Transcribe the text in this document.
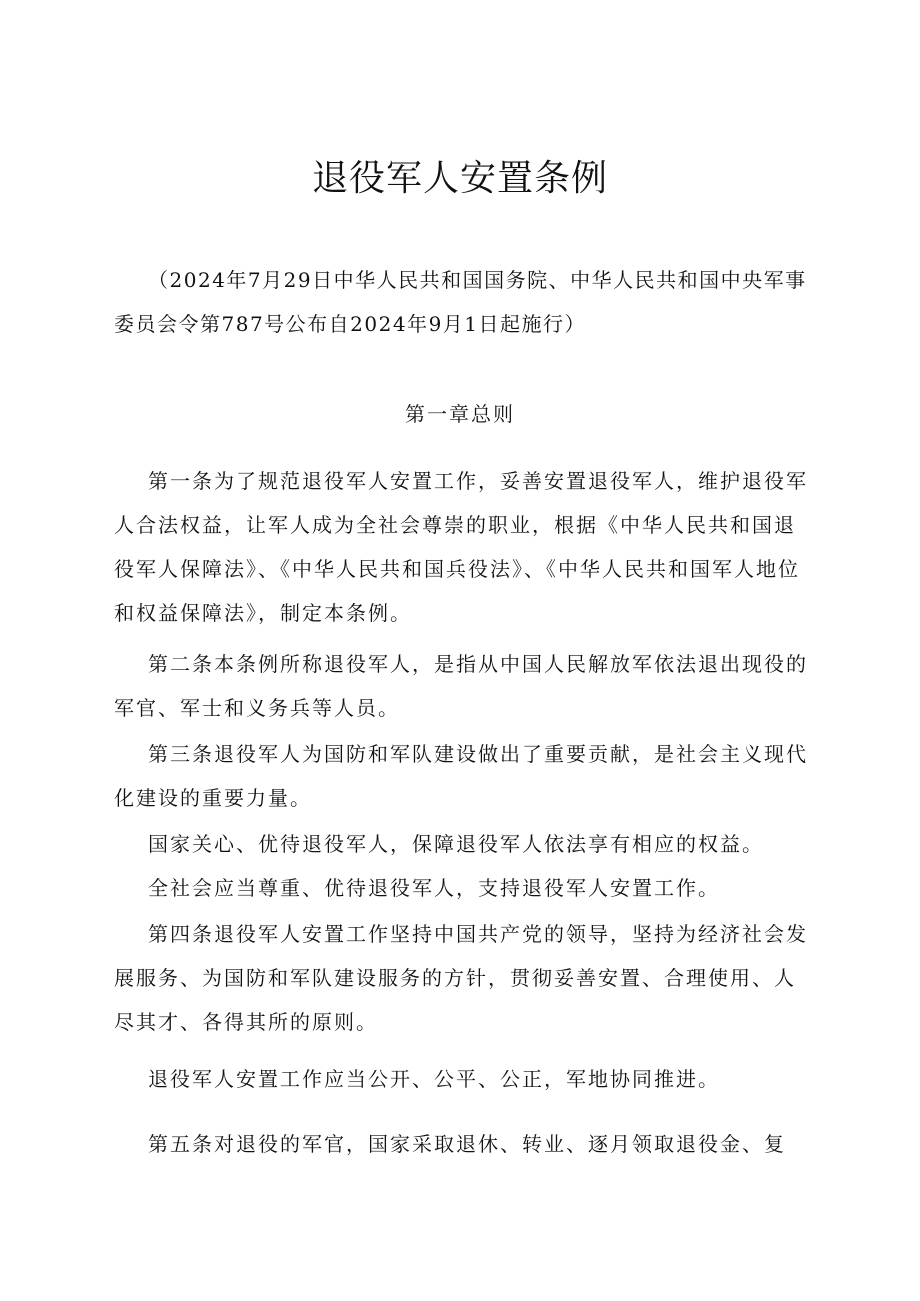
退役军人安置条例
（2024年7月29日中华人民共和国国务院、中华人民共和国中央军事委员会令第787号公布自2024年9月1日起施行）
第一章总则

第一条为了规范退役军人安置工作，妥善安置退役军人，维护退役军人合法权益，让军人成为全社会尊崇的职业，根据《中华人民共和国退役军人保障法》、《中华人民共和国兵役法》、《中华人民共和国军人地位和权益保障法》，制定本条例。

第二条本条例所称退役军人，是指从中国人民解放军依法退出现役的军官、军士和义务兵等人员。

第三条退役军人为国防和军队建设做出了重要贡献，是社会主义现代化建设的重要力量。

国家关心、优待退役军人，保障退役军人依法享有相应的权益。

全社会应当尊重、优待退役军人，支持退役军人安置工作。

第四条退役军人安置工作坚持中国共产党的领导，坚持为经济社会发展服务、为国防和军队建设服务的方针，贯彻妥善安置、合理使用、人尽其才、各得其所的原则。

退役军人安置工作应当公开、公平、公正，军地协同推进。

第五条对退役的军官，国家采取退休、转业、逐月领取退役金、复
